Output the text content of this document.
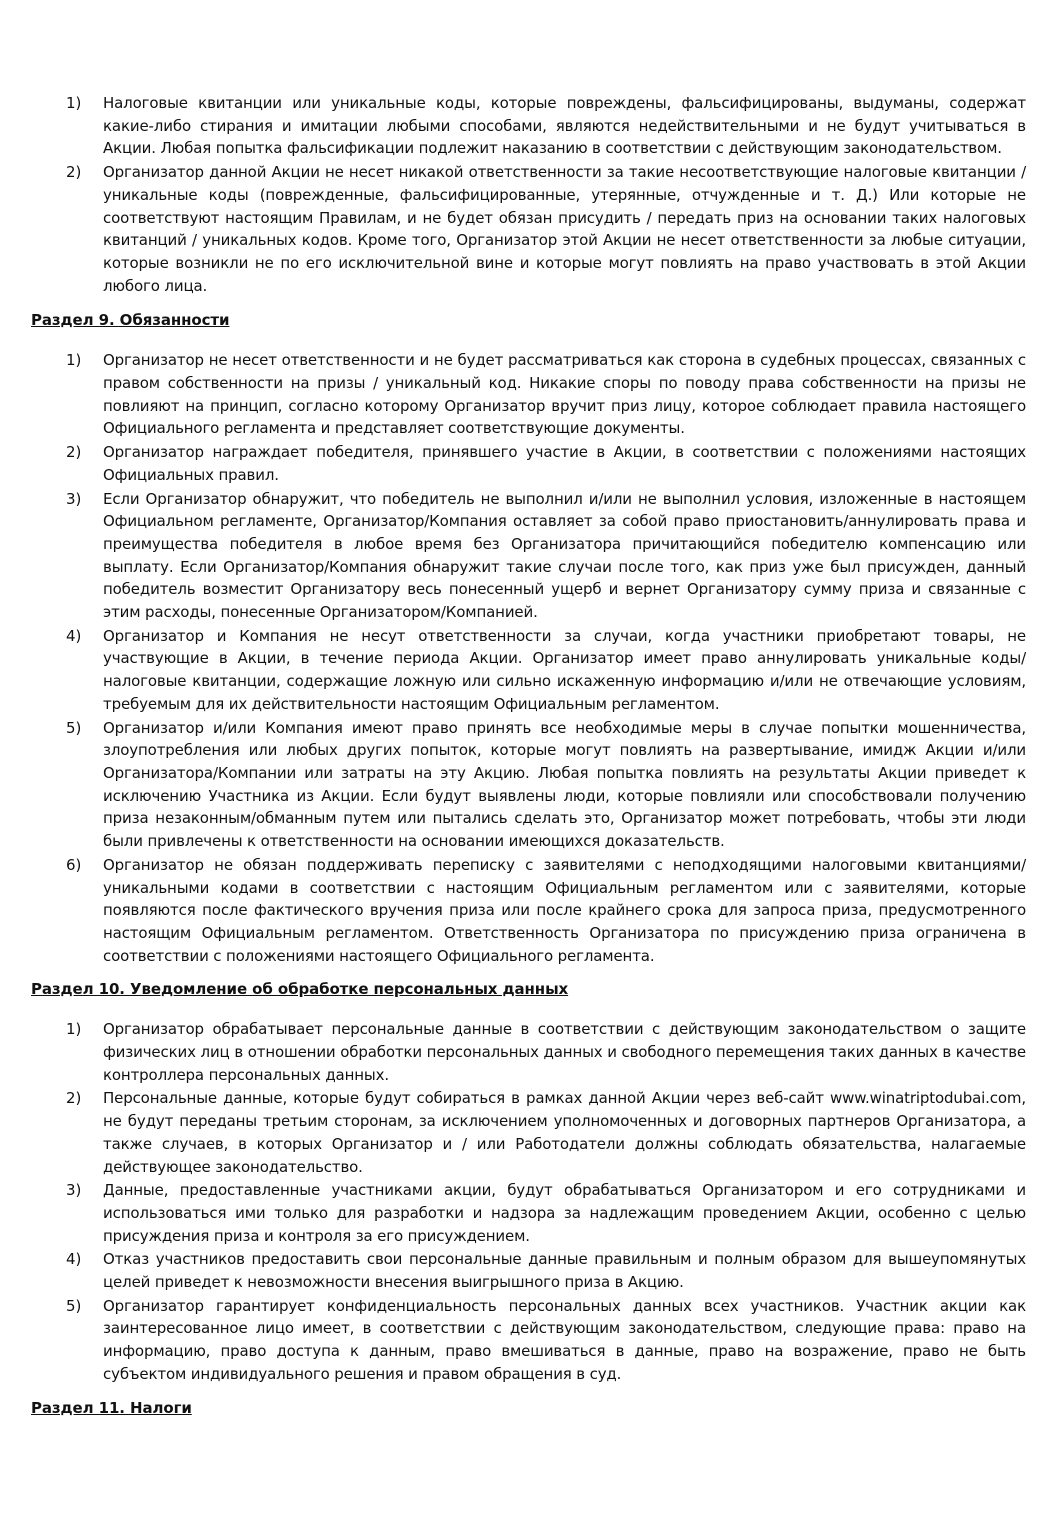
1)	Налоговые квитанции или уникальные коды, которые повреждены, фальсифицированы, выдуманы, содержат какие-либо стирания и имитации любыми способами, являются недействительными и не будут учитываться в Акции. Любая попытка фальсификации подлежит наказанию в соответствии с действующим законодательством.
2)	Организатор данной Акции не несет никакой ответственности за такие несоответствующие налоговые квитанции / уникальные коды (поврежденные, фальсифицированные, утерянные, отчужденные и т. Д.) Или которые не соответствуют настоящим Правилам, и не будет обязан присудить / передать приз на основании таких налоговых квитанций / уникальных кодов. Кроме того, Организатор этой Акции не несет ответственности за любые ситуации, которые возникли не по его исключительной вине и которые могут повлиять на право участвовать в этой Акции любого лица.
Раздел 9. Обязанности
1)	Организатор не несет ответственности и не будет рассматриваться как сторона в судебных процессах, связанных с правом собственности на призы / уникальный код. Никакие споры по поводу права собственности на призы не повлияют на принцип, согласно которому Организатор вручит приз лицу, которое соблюдает правила настоящего Официального регламента и представляет соответствующие документы.
2)	Организатор награждает победителя, принявшего участие в Акции, в соответствии с положениями настоящих Официальных правил.
3)	Если Организатор обнаружит, что победитель не выполнил и/или не выполнил условия, изложенные в настоящем Официальном регламенте, Организатор/Компания оставляет за собой право приостановить/аннулировать права и преимущества победителя в любое время без Организатора причитающийся победителю компенсацию или выплату. Если Организатор/Компания обнаружит такие случаи после того, как приз уже был присужден, данный победитель возместит Организатору весь понесенный ущерб и вернет Организатору сумму приза и связанные с этим расходы, понесенные Организатором/Компанией.
4)	Организатор и Компания не несут ответственности за случаи, когда участники приобретают товары, не участвующие в Акции, в течение периода Акции. Организатор имеет право аннулировать уникальные коды/налоговые квитанции, содержащие ложную или сильно искаженную информацию и/или не отвечающие условиям, требуемым для их действительности настоящим Официальным регламентом.
5)	Организатор и/или Компания имеют право принять все необходимые меры в случае попытки мошенничества, злоупотребления или любых других попыток, которые могут повлиять на развертывание, имидж Акции и/или Организатора/Компании или затраты на эту Акцию. Любая попытка повлиять на результаты Акции приведет к исключению Участника из Акции. Если будут выявлены люди, которые повлияли или способствовали получению приза незаконным/обманным путем или пытались сделать это, Организатор может потребовать, чтобы эти люди были привлечены к ответственности на основании имеющихся доказательств.
6)	Организатор не обязан поддерживать переписку с заявителями с неподходящими налоговыми квитанциями/уникальными кодами в соответствии с настоящим Официальным регламентом или с заявителями, которые появляются после фактического вручения приза или после крайнего срока для запроса приза, предусмотренного настоящим Официальным регламентом. Ответственность Организатора по присуждению приза ограничена в соответствии с положениями настоящего Официального регламента.
Раздел 10. Уведомление об обработке персональных данных
1)	Организатор обрабатывает персональные данные в соответствии с действующим законодательством о защите физических лиц в отношении обработки персональных данных и свободного перемещения таких данных в качестве контроллера персональных данных.
2)	Персональные данные, которые будут собираться в рамках данной Акции через веб-сайт www.winatriptodubai.com, не будут переданы третьим сторонам, за исключением уполномоченных и договорных партнеров Организатора, а также случаев, в которых Организатор и / или Работодатели должны соблюдать обязательства, налагаемые действующее законодательство.
3)	Данные, предоставленные участниками акции, будут обрабатываться Организатором и его сотрудниками и использоваться ими только для разработки и надзора за надлежащим проведением Акции, особенно с целью присуждения приза и контроля за его присуждением.
4)	Отказ участников предоставить свои персональные данные правильным и полным образом для вышеупомянутых целей приведет к невозможности внесения выигрышного приза в Акцию.
5)	Организатор гарантирует конфиденциальность персональных данных всех участников. Участник акции как заинтересованное лицо имеет, в соответствии с действующим законодательством, следующие права: право на информацию, право доступа к данным, право вмешиваться в данные, право на возражение, право не быть субъектом индивидуального решения и правом обращения в суд.
Раздел 11. Налоги
